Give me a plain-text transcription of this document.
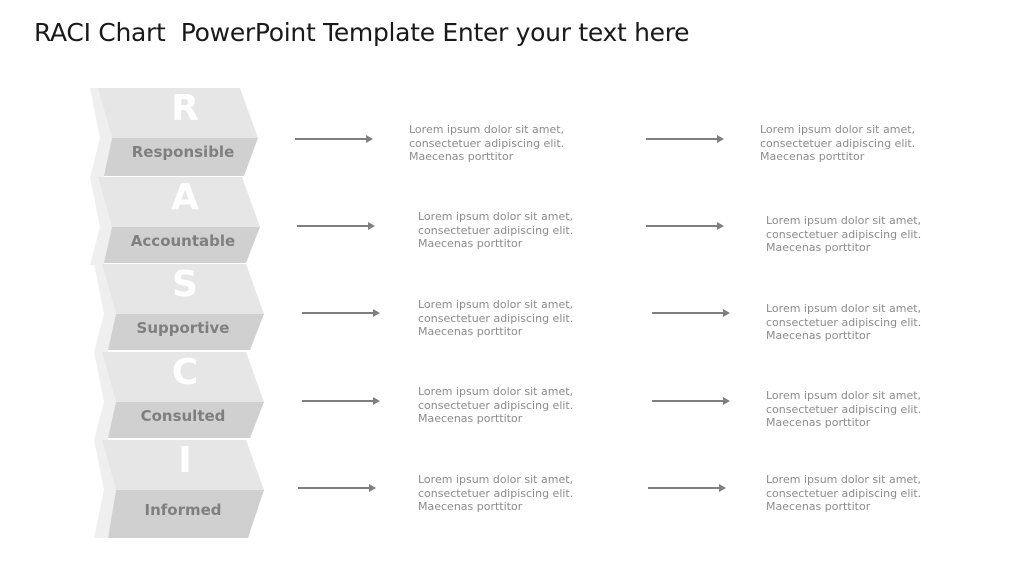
RACI Chart  PowerPoint Template Enter your text here
R
Responsible
A
Accountable
S
Supportive
C
Consulted
I
Informed
Lorem ipsum dolor sit amet,
consectetuer adipiscing elit.
Maecenas porttitor
Lorem ipsum dolor sit amet,
consectetuer adipiscing elit.
Maecenas porttitor
Lorem ipsum dolor sit amet,
consectetuer adipiscing elit.
Maecenas porttitor
Lorem ipsum dolor sit amet,
consectetuer adipiscing elit.
Maecenas porttitor
Lorem ipsum dolor sit amet,
consectetuer adipiscing elit.
Maecenas porttitor
Lorem ipsum dolor sit amet,
consectetuer adipiscing elit.
Maecenas porttitor
Lorem ipsum dolor sit amet,
consectetuer adipiscing elit.
Maecenas porttitor
Lorem ipsum dolor sit amet,
consectetuer adipiscing elit.
Maecenas porttitor
Lorem ipsum dolor sit amet,
consectetuer adipiscing elit.
Maecenas porttitor
Lorem ipsum dolor sit amet,
consectetuer adipiscing elit.
Maecenas porttitor
